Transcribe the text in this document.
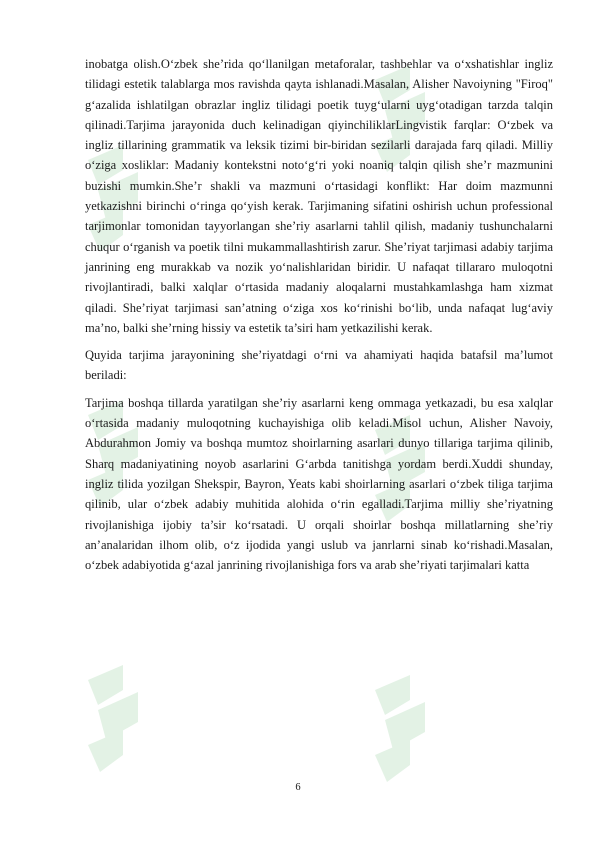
inobatga olish.O‘zbek she’rida qo‘llanilgan metaforalar, tashbehlar va o‘xshatishlar ingliz tilidagi estetik talablarga mos ravishda qayta ishlanadi.Masalan, Alisher Navoiyning "Firoq" g‘azalida ishlatilgan obrazlar ingliz tilidagi poetik tuyg‘ularni uyg‘otadigan tarzda talqin qilinadi.Tarjima jarayonida duch kelinadigan qiyinchiliklarLingvistik farqlar: O‘zbek va ingliz tillarining grammatik va leksik tizimi bir-biridan sezilarli darajada farq qiladi. Milliy o‘ziga xosliklar: Madaniy kontekstni noto‘g‘ri yoki noaniq talqin qilish she’r mazmunini buzishi mumkin.She’r shakli va mazmuni o‘rtasidagi konflikt: Har doim mazmunni yetkazishni birinchi o‘ringa qo‘yish kerak. Tarjimaning sifatini oshirish uchun professional tarjimonlar tomonidan tayyorlangan she’riy asarlarni tahlil qilish, madaniy tushunchalarni chuqur o‘rganish va poetik tilni mukammallashtirish zarur. She’riyat tarjimasi adabiy tarjima janrining eng murakkab va nozik yo‘nalishlaridan biridir. U nafaqat tillararo muloqotni rivojlantiradi, balki xalqlar o‘rtasida madaniy aloqalarni mustahkamlashga ham xizmat qiladi. She’riyat tarjimasi san’atning o‘ziga xos ko‘rinishi bo‘lib, unda nafaqat lug‘aviy ma’no, balki she’rning hissiy va estetik ta’siri ham yetkazilishi kerak.

Quyida tarjima jarayonining she’riyatdagi o‘rni va ahamiyati haqida batafsil ma’lumot beriladi:

Tarjima boshqa tillarda yaratilgan she’riy asarlarni keng ommaga yetkazadi, bu esa xalqlar o‘rtasida madaniy muloqotning kuchayishiga olib keladi.Misol uchun, Alisher Navoiy, Abdurahmon Jomiy va boshqa mumtoz shoirlarning asarlari dunyo tillariga tarjima qilinib, Sharq madaniyatining noyob asarlarini G‘arbda tanitishga yordam berdi.Xuddi shunday, ingliz tilida yozilgan Shekspir, Bayron, Yeats kabi shoirlarning asarlari o‘zbek tiliga tarjima qilinib, ular o‘zbek adabiy muhitida alohida o‘rin egalladi.Tarjima milliy she’riyatning rivojlanishiga ijobiy ta’sir ko‘rsatadi. U orqali shoirlar boshqa millatlarning she’riy an’analaridan ilhom olib, o‘z ijodida yangi uslub va janrlarni sinab ko‘rishadi.Masalan, o‘zbek adabiyotida g‘azal janrining rivojlanishiga fors va arab she’riyati tarjimalari katta

6
